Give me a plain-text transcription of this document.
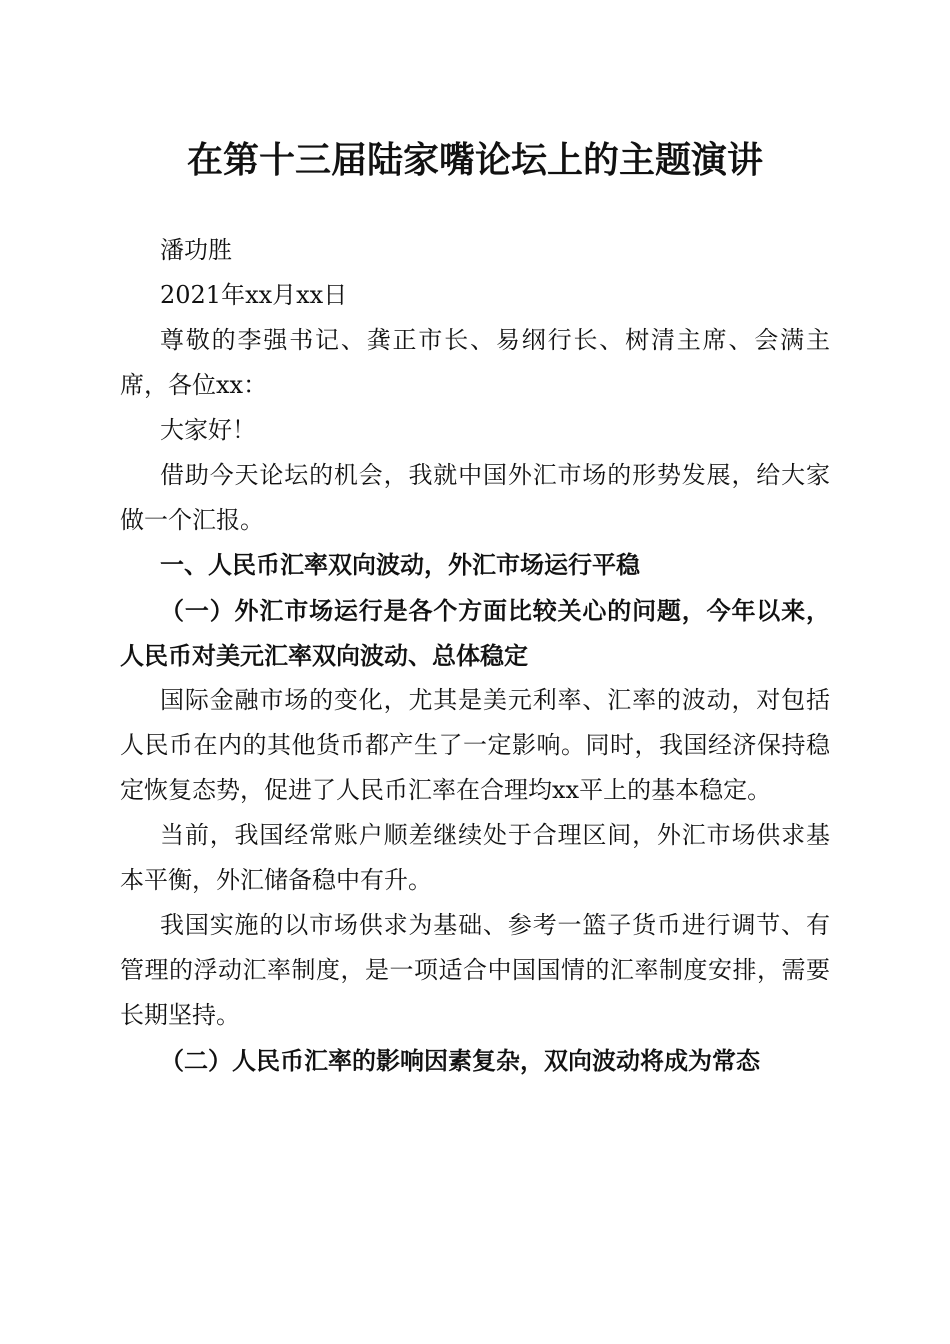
在第十三届陆家嘴论坛上的主题演讲

潘功胜

2021年xx月xx日

尊敬的李强书记、龚正市长、易纲行长、树清主席、会满主席，各位xx：

大家好！

借助今天论坛的机会，我就中国外汇市场的形势发展，给大家做一个汇报。

一、人民币汇率双向波动，外汇市场运行平稳

（一）外汇市场运行是各个方面比较关心的问题，今年以来，人民币对美元汇率双向波动、总体稳定

国际金融市场的变化，尤其是美元利率、汇率的波动，对包括人民币在内的其他货币都产生了一定影响。同时，我国经济保持稳定恢复态势，促进了人民币汇率在合理均xx平上的基本稳定。

当前，我国经常账户顺差继续处于合理区间，外汇市场供求基本平衡，外汇储备稳中有升。

我国实施的以市场供求为基础、参考一篮子货币进行调节、有管理的浮动汇率制度，是一项适合中国国情的汇率制度安排，需要长期坚持。

（二）人民币汇率的影响因素复杂，双向波动将成为常态
